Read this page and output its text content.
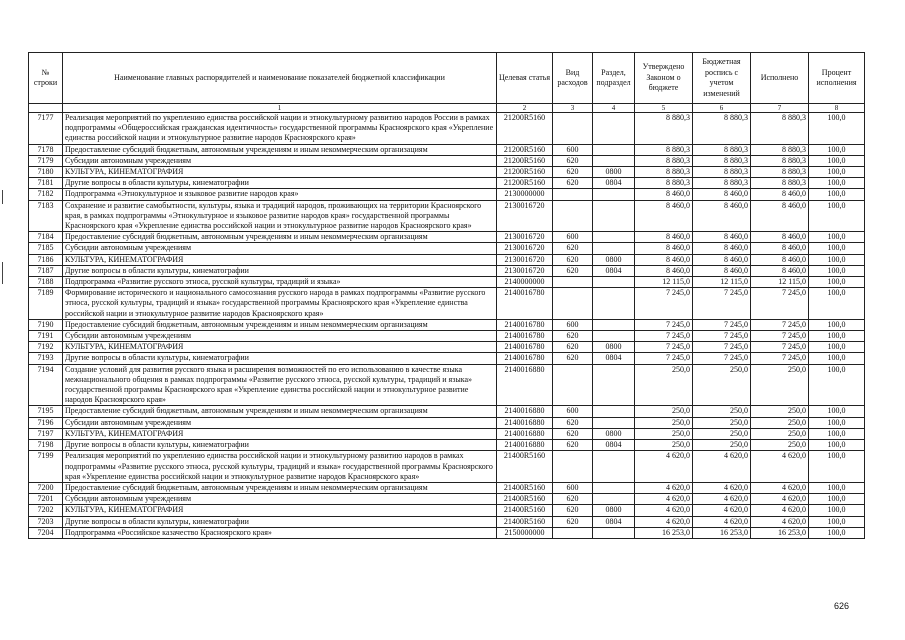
№ строки	Наименование главных распорядителей и наименование показателей бюджетной классификации	Целевая статья	Вид расходов	Раздел, подраздел	Утверждено Законом о бюджете	Бюджетная роспись с учетом изменений	Исполнено	Процент исполнения
	1	2	3	4	5	6	7	8
7177	Реализация мероприятий по укреплению единства российской нации и этнокультурному развитию народов России в рамках подпрограммы «Общероссийская гражданская идентичность» государственной программы Красноярского края «Укрепление единства российской нации и этнокультурное развитие народов Красноярского края»	21200R5160			8 880,3	8 880,3	8 880,3	100,0
7178	Предоставление субсидий бюджетным, автономным учреждениям и иным некоммерческим организациям	21200R5160	600		8 880,3	8 880,3	8 880,3	100,0
7179	Субсидии автономным учреждениям	21200R5160	620		8 880,3	8 880,3	8 880,3	100,0
7180	КУЛЬТУРА, КИНЕМАТОГРАФИЯ	21200R5160	620	0800	8 880,3	8 880,3	8 880,3	100,0
7181	Другие вопросы в области культуры, кинематографии	21200R5160	620	0804	8 880,3	8 880,3	8 880,3	100,0
7182	Подпрограмма «Этнокультурное и языковое развитие народов края»	2130000000			8 460,0	8 460,0	8 460,0	100,0
7183	Сохранение и развитие самобытности, культуры, языка и традиций народов, проживающих на территории Красноярского края, в рамках подпрограммы «Этнокультурное и языковое развитие народов края» государственной программы Красноярского края «Укрепление единства российской нации и этнокультурное развитие народов Красноярского края»	2130016720			8 460,0	8 460,0	8 460,0	100,0
7184	Предоставление субсидий бюджетным, автономным учреждениям и иным некоммерческим организациям	2130016720	600		8 460,0	8 460,0	8 460,0	100,0
7185	Субсидии автономным учреждениям	2130016720	620		8 460,0	8 460,0	8 460,0	100,0
7186	КУЛЬТУРА, КИНЕМАТОГРАФИЯ	2130016720	620	0800	8 460,0	8 460,0	8 460,0	100,0
7187	Другие вопросы в области культуры, кинематографии	2130016720	620	0804	8 460,0	8 460,0	8 460,0	100,0
7188	Подпрограмма «Развитие русского этноса, русской культуры, традиций и языка»	2140000000			12 115,0	12 115,0	12 115,0	100,0
7189	Формирование исторического и национального самосознания русского народа в рамках подпрограммы «Развитие русского этноса, русской культуры, традиций и языка» государственной программы Красноярского края «Укрепление единства российской нации и этнокультурное развитие народов Красноярского края»	2140016780			7 245,0	7 245,0	7 245,0	100,0
7190	Предоставление субсидий бюджетным, автономным учреждениям и иным некоммерческим организациям	2140016780	600		7 245,0	7 245,0	7 245,0	100,0
7191	Субсидии автономным учреждениям	2140016780	620		7 245,0	7 245,0	7 245,0	100,0
7192	КУЛЬТУРА, КИНЕМАТОГРАФИЯ	2140016780	620	0800	7 245,0	7 245,0	7 245,0	100,0
7193	Другие вопросы в области культуры, кинематографии	2140016780	620	0804	7 245,0	7 245,0	7 245,0	100,0
7194	Создание условий для развития русского языка и расширения возможностей по его использованию в качестве языка межнационального общения в рамках подпрограммы «Развитие русского этноса, русской культуры, традиций и языка» государственной программы Красноярского края «Укрепление единства российской нации и этнокультурное развитие народов Красноярского края»	2140016880			250,0	250,0	250,0	100,0
7195	Предоставление субсидий бюджетным, автономным учреждениям и иным некоммерческим организациям	2140016880	600		250,0	250,0	250,0	100,0
7196	Субсидии автономным учреждениям	2140016880	620		250,0	250,0	250,0	100,0
7197	КУЛЬТУРА, КИНЕМАТОГРАФИЯ	2140016880	620	0800	250,0	250,0	250,0	100,0
7198	Другие вопросы в области культуры, кинематографии	2140016880	620	0804	250,0	250,0	250,0	100,0
7199	Реализация мероприятий по укреплению единства российской нации и этнокультурному развитию народов в рамках подпрограммы «Развитие русского этноса, русской культуры, традиций и языка» государственной программы Красноярского края «Укрепление единства российской нации и этнокультурное развитие народов Красноярского края»	21400R5160			4 620,0	4 620,0	4 620,0	100,0
7200	Предоставление субсидий бюджетным, автономным учреждениям и иным некоммерческим организациям	21400R5160	600		4 620,0	4 620,0	4 620,0	100,0
7201	Субсидии автономным учреждениям	21400R5160	620		4 620,0	4 620,0	4 620,0	100,0
7202	КУЛЬТУРА, КИНЕМАТОГРАФИЯ	21400R5160	620	0800	4 620,0	4 620,0	4 620,0	100,0
7203	Другие вопросы в области культуры, кинематографии	21400R5160	620	0804	4 620,0	4 620,0	4 620,0	100,0
7204	Подпрограмма «Российское казачество Красноярского края»	2150000000			16 253,0	16 253,0	16 253,0	100,0
626
